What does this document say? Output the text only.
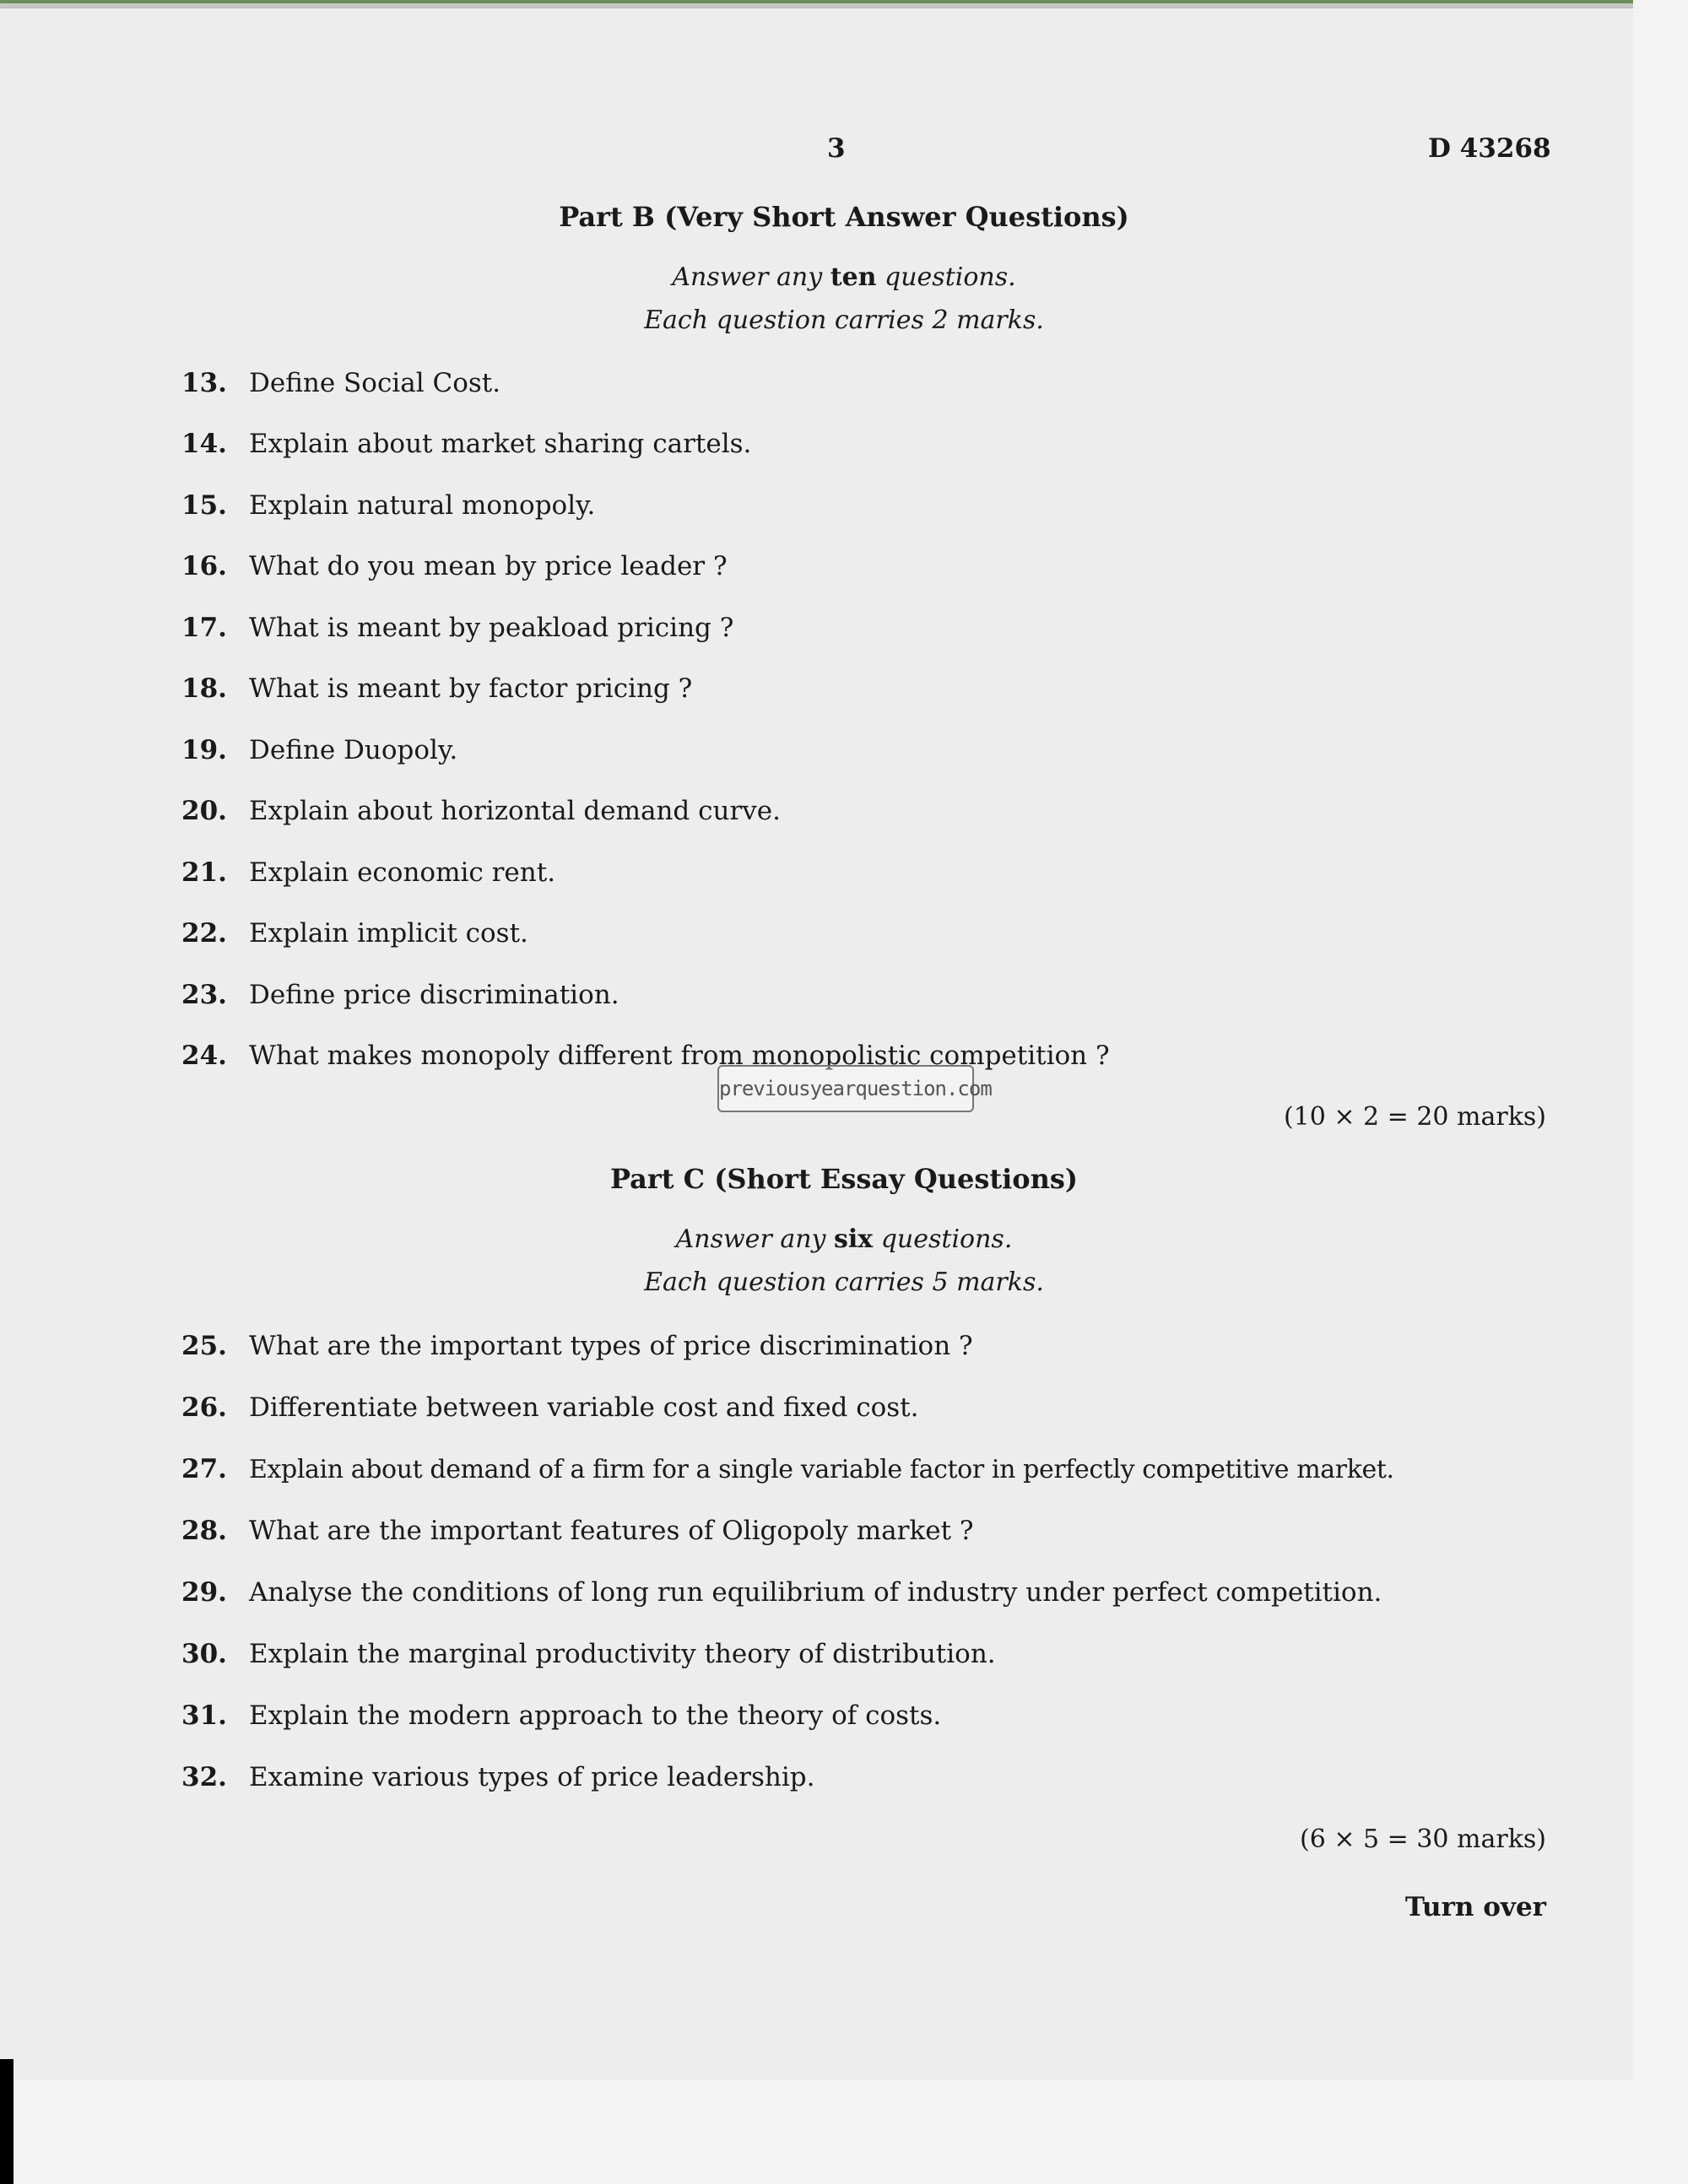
3	D 43268
Part B (Very Short Answer Questions)
Answer any ten questions.
Each question carries 2 marks.
13. Define Social Cost.
14. Explain about market sharing cartels.
15. Explain natural monopoly.
16. What do you mean by price leader ?
17. What is meant by peakload pricing ?
18. What is meant by factor pricing ?
19. Define Duopoly.
20. Explain about horizontal demand curve.
21. Explain economic rent.
22. Explain implicit cost.
23. Define price discrimination.
24. What makes monopoly different from monopolistic competition ?
previousyearquestion.com
(10 × 2 = 20 marks)
Part C (Short Essay Questions)
Answer any six questions.
Each question carries 5 marks.
25. What are the important types of price discrimination ?
26. Differentiate between variable cost and fixed cost.
27. Explain about demand of a firm for a single variable factor in perfectly competitive market.
28. What are the important features of Oligopoly market ?
29. Analyse the conditions of long run equilibrium of industry under perfect competition.
30. Explain the marginal productivity theory of distribution.
31. Explain the modern approach to the theory of costs.
32. Examine various types of price leadership.
(6 × 5 = 30 marks)
Turn over
